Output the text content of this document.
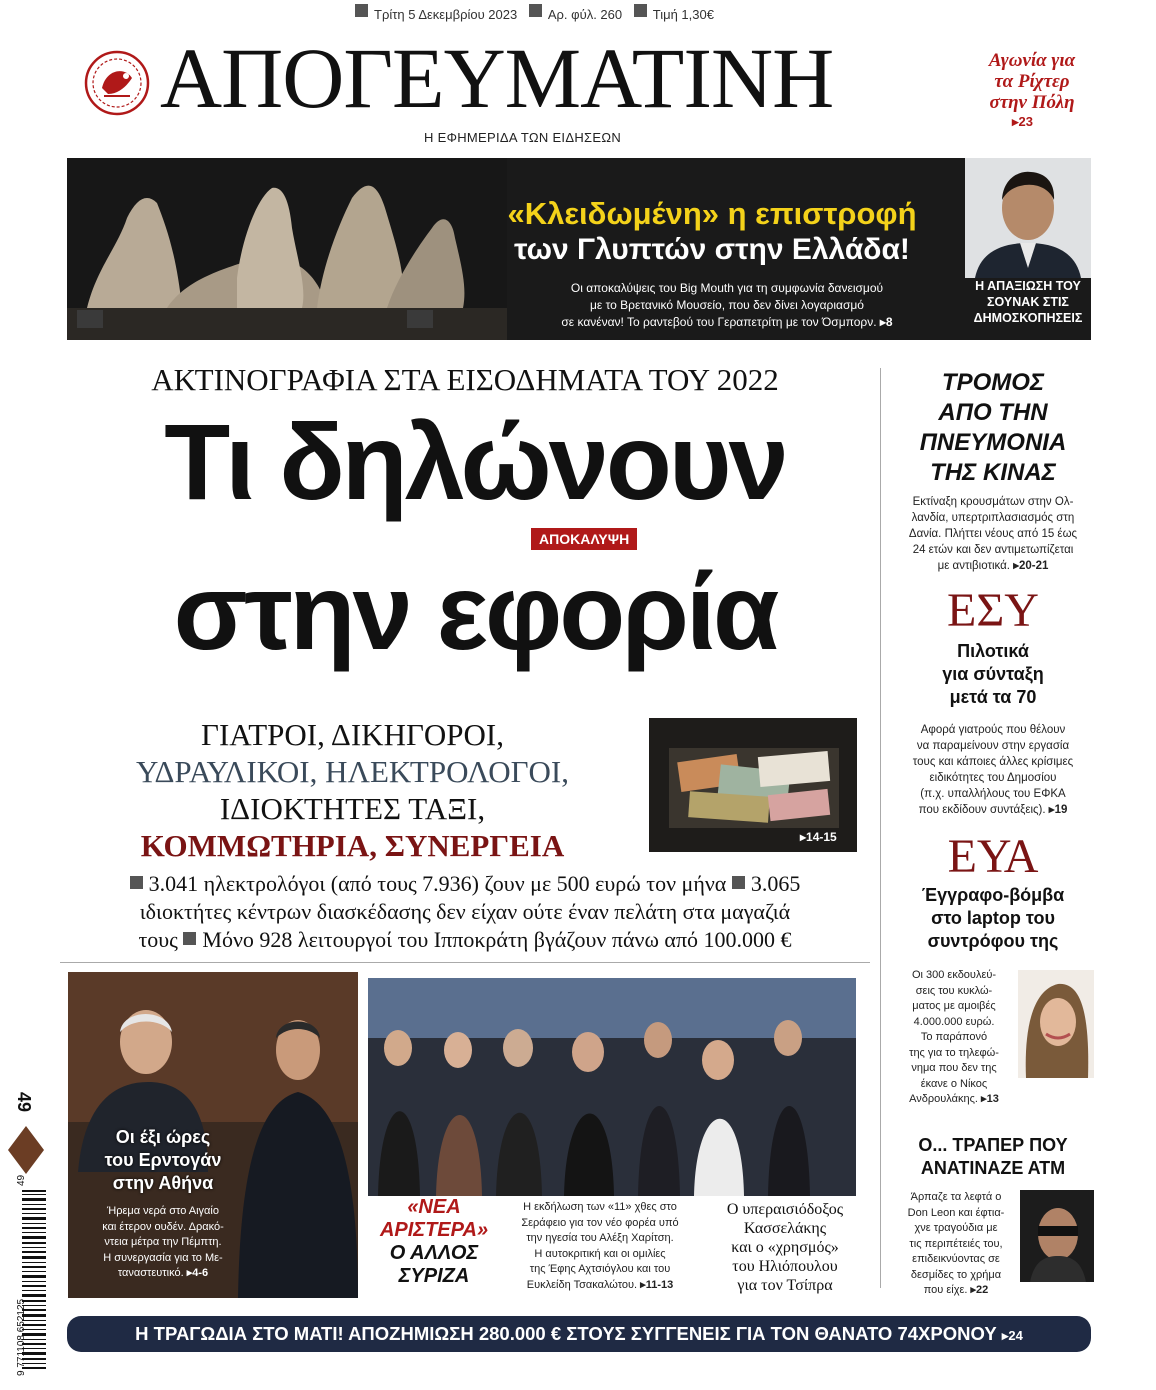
Τρίτη 5 Δεκεμβρίου 2023 Αρ. φύλ. 260 Τιμή 1,30€
ΑΠΟΓΕΥΜΑΤΙΝΗ
Η ΕΦΗΜΕΡΙΔΑ ΤΩΝ ΕΙΔΗΣΕΩΝ
Αγωνία για
τα Ρίχτερ
στην Πόλη
▸23
«Κλειδωμένη» η επιστροφή
των Γλυπτών στην Ελλάδα!
Οι αποκαλύψεις του Big Mouth για τη συμφωνία δανεισμού
με το Βρετανικό Μουσείο, που δεν δίνει λογαριασμό
σε κανέναν! Το ραντεβού του Γεραπετρίτη με τον Όσμπορν. ▸8
Η ΑΠΑΞΙΩΣΗ ΤΟΥ
ΣΟΥΝΑΚ ΣΤΙΣ
ΔΗΜΟΣΚΟΠΗΣΕΙΣ
ΑΚΤΙΝΟΓΡΑΦΙΑ ΣΤΑ ΕΙΣΟΔΗΜΑΤΑ ΤΟΥ 2022
Τι δηλώνουν
στην εφορία
ΑΠΟΚΑΛΥΨΗ
ΓΙΑΤΡΟΙ, ΔΙΚΗΓΟΡΟΙ,
ΥΔΡΑΥΛΙΚΟΙ, ΗΛΕΚΤΡΟΛΟΓΟΙ,
ΙΔΙΟΚΤΗΤΕΣ ΤΑΞΙ,
ΚΟΜΜΩΤΗΡΙΑ, ΣΥΝΕΡΓΕΙΑ	▸14-15
3.041 ηλεκτρολόγοι (από τους 7.936) ζουν με 500 ευρώ τον μήνα 3.065
ιδιοκτήτες κέντρων διασκέδασης δεν είχαν ούτε έναν πελάτη στα μαγαζιά
τους Μόνο 928 λειτουργοί του Ιπποκράτη βγάζουν πάνω από 100.000 €
ΤΡΟΜΟΣ
ΑΠΟ ΤΗΝ
ΠΝΕΥΜΟΝΙΑ
ΤΗΣ ΚΙΝΑΣ
Εκτίναξη κρουσμάτων στην Ολ-
λανδία, υπερτριπλασιασμός στη
Δανία. Πλήττει νέους από 15 έως
24 ετών και δεν αντιμετωπίζεται
με αντιβιοτικά. ▸20-21
ΕΣΥ
Πιλοτικά
για σύνταξη
μετά τα 70
Αφορά γιατρούς που θέλουν
να παραμείνουν στην εργασία
τους και κάποιες άλλες κρίσιμες
ειδικότητες του Δημοσίου
(π.χ. υπαλλήλους του ΕΦΚΑ
που εκδίδουν συντάξεις). ▸19
ΕΥΑ
Έγγραφο-βόμβα
στο laptop του
συντρόφου της
Οι 300 εκδουλεύ-
σεις του κυκλώ-
ματος με αμοιβές
4.000.000 ευρώ.
Το παράπονό
της για το τηλεφώ-
νημα που δεν της
έκανε ο Νίκος
Ανδρουλάκης. ▸13
Ο... ΤΡΑΠΕΡ ΠΟΥ
ΑΝΑΤΙΝΑΖΕ ΑΤΜ
Άρπαζε τα λεφτά ο
Don Leon και έφτια-
χνε τραγούδια με
τις περιπέτειές του,
επιδεικνύοντας σε
δεσμίδες το χρήμα
που είχε. ▸22
Οι έξι ώρες
του Ερντογάν
στην Αθήνα
Ήρεμα νερά στο Αιγαίο
και έτερον ουδέν. Δρακό-
ντεια μέτρα την Πέμπτη.
Η συνεργασία για το Με-
ταναστευτικό. ▸4-6
«ΝΕΑ
ΑΡΙΣΤΕΡΑ»
Ο ΑΛΛΟΣ
ΣΥΡΙΖΑ
Η εκδήλωση των «11» χθες στο
Σεράφειο για τον νέο φορέα υπό
την ηγεσία του Αλέξη Χαρίτση.
Η αυτοκριτική και οι ομιλίες
της Έφης Αχτσιόγλου και του
Ευκλείδη Τσακαλώτου. ▸11-13
Ο υπεραισιόδοξος
Κασσελάκης
και ο «χρησμός»
του Ηλιόπουλου
για τον Τσίπρα
Η ΤΡΑΓΩΔΙΑ ΣΤΟ ΜΑΤΙ! ΑΠΟΖΗΜΙΩΣΗ 280.000 € ΣΤΟΥΣ ΣΥΓΓΕΝΕΙΣ ΓΙΑ ΤΟΝ ΘΑΝΑΤΟ 74ΧΡΟΝΟΥ ▸24
49
9 771108 652125
49
